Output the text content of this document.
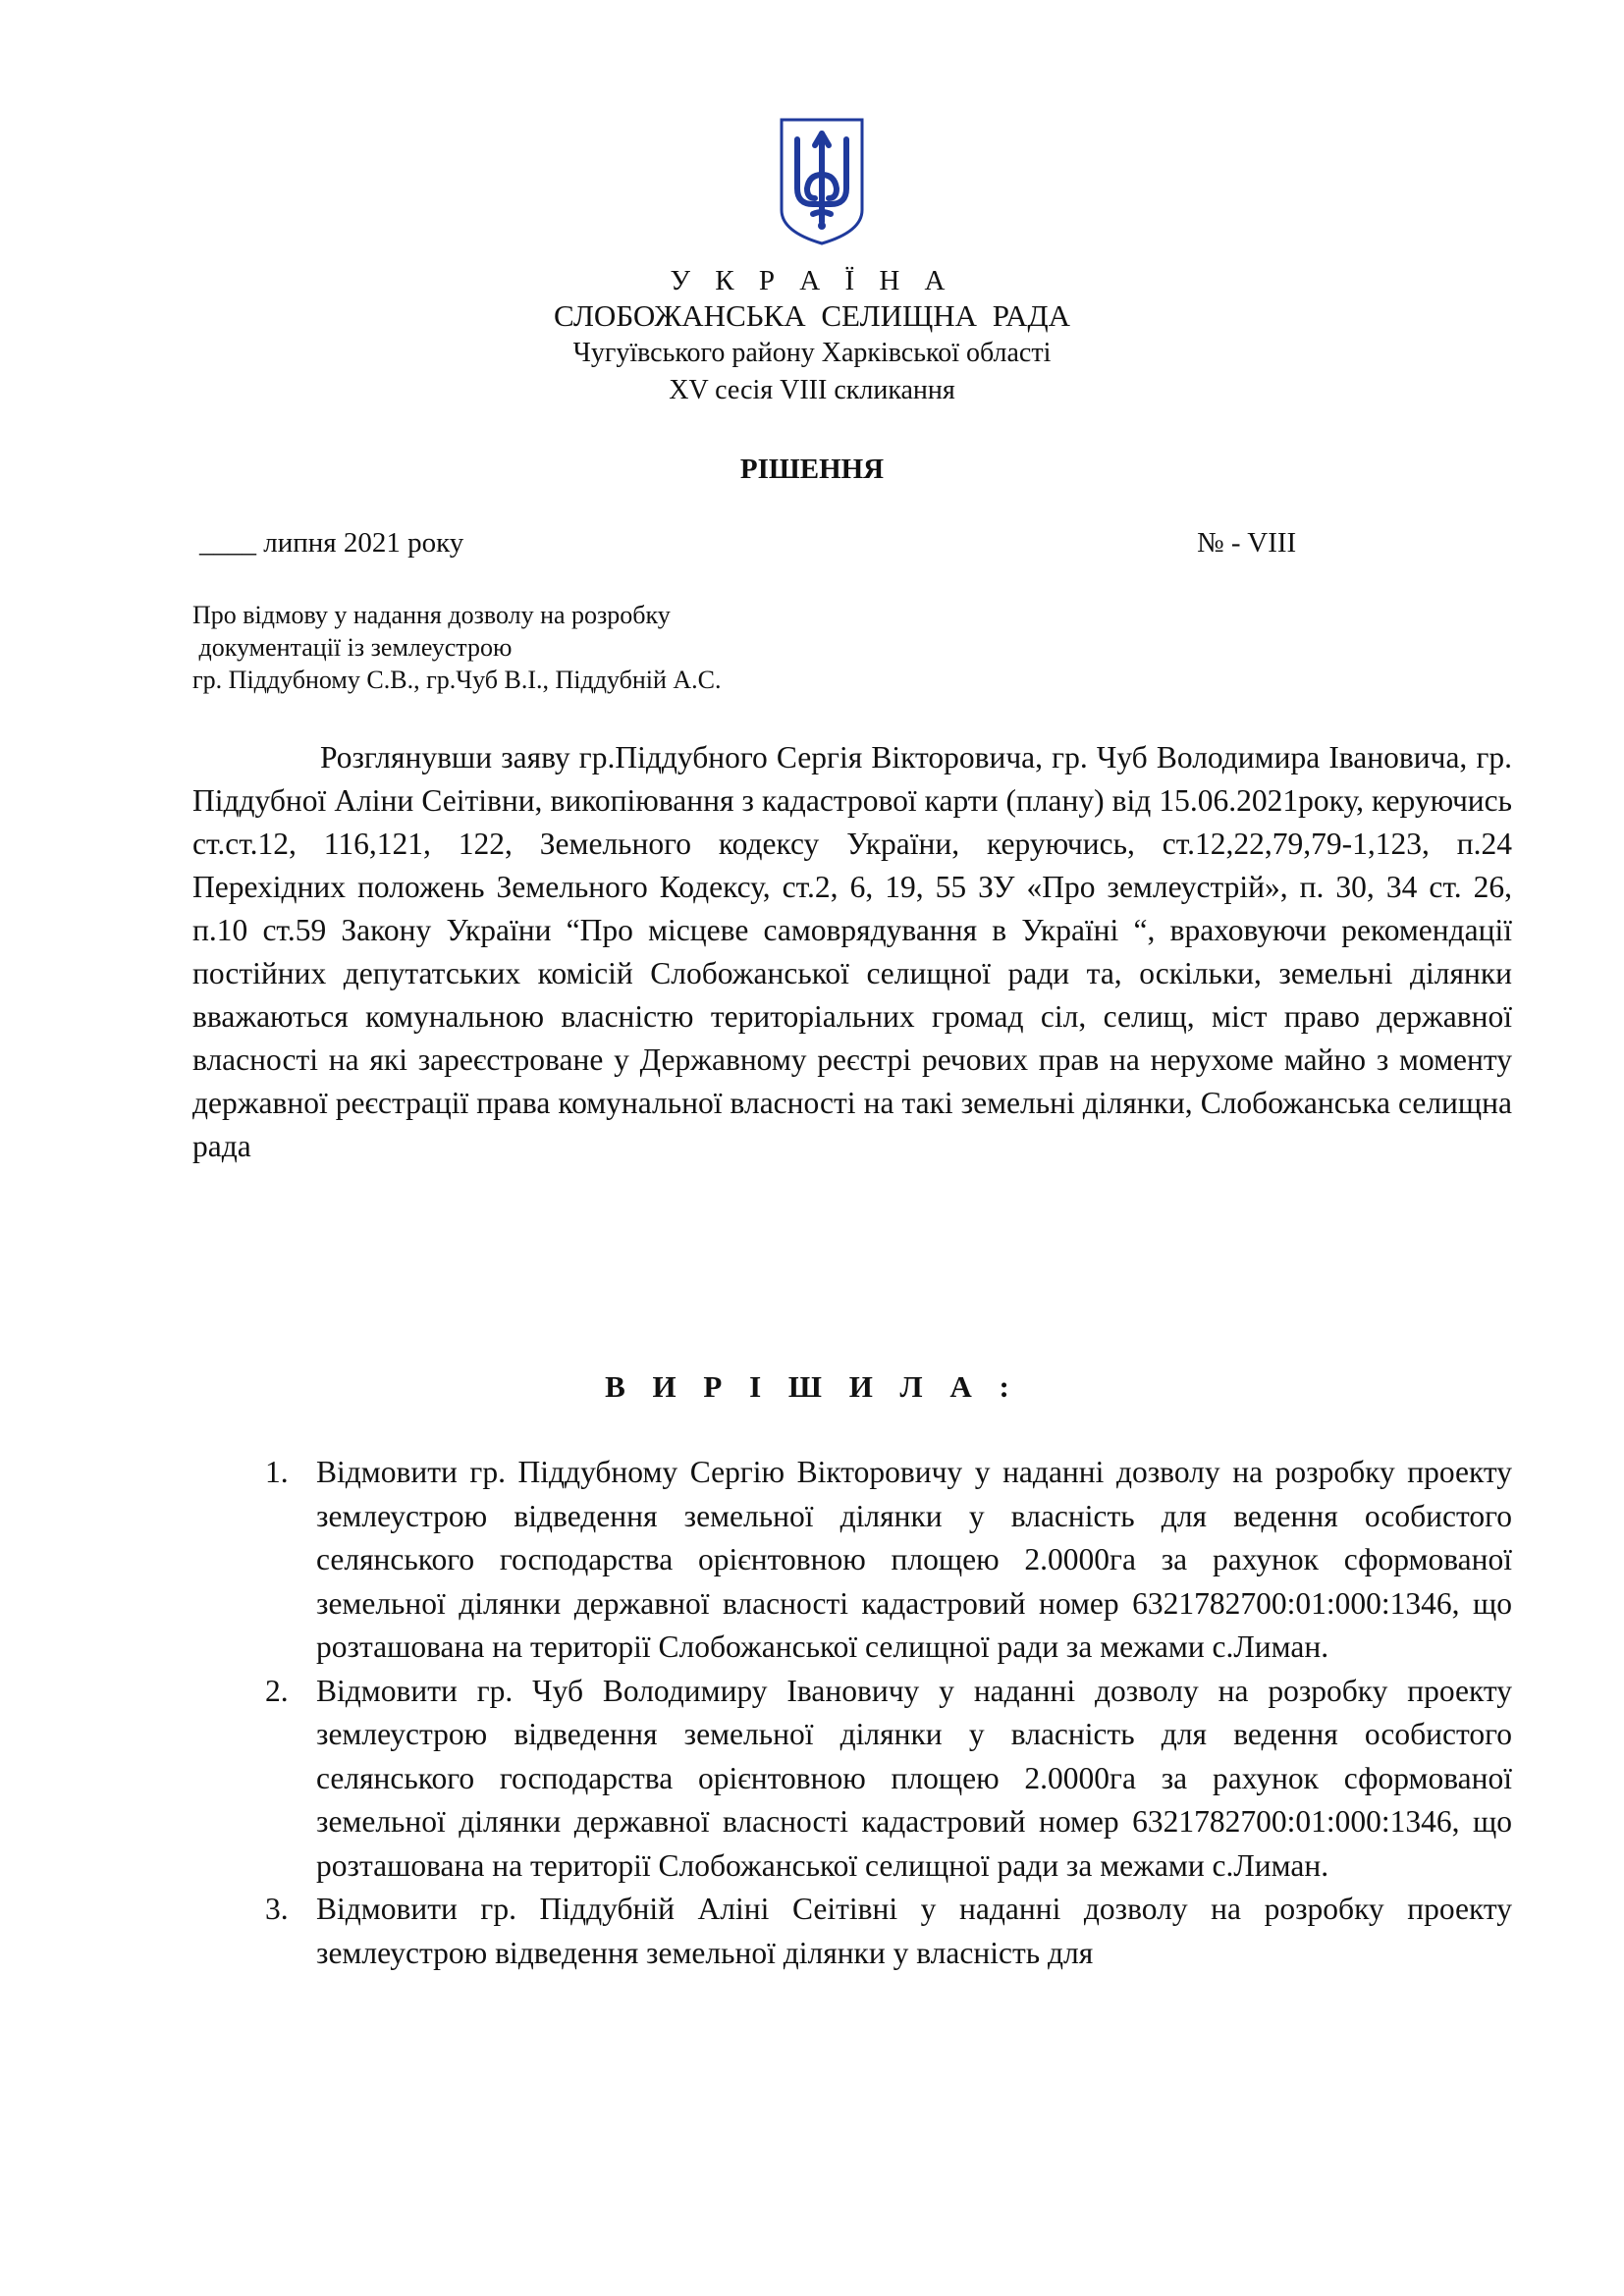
У К Р А Ї Н А
СЛОБОЖАНСЬКА СЕЛИЩНА РАДА
Чугуївського району Харківської області
XV сесія VIII скликання
РІШЕННЯ
____ липня 2021 року	№ - VIII
Про відмову у надання дозволу на розробку
документації із землеустрою
гр. Піддубному С.В., гр.Чуб В.І., Піддубній А.С.
Розглянувши заяву гр.Піддубного Сергія Вікторовича, гр. Чуб Володимира Івановича, гр. Піддубної Аліни Сеітівни, викопіювання з кадастрової карти (плану) від 15.06.2021року, керуючись ст.ст.12, 116,121, 122, Земельного кодексу України, керуючись, ст.12,22,79,79-1,123, п.24 Перехідних положень Земельного Кодексу, ст.2, 6, 19, 55 ЗУ «Про землеустрій», п. 30, 34 ст. 26, п.10 ст.59 Закону України “Про місцеве самоврядування в Україні “, враховуючи рекомендації постійних депутатських комісій Слобожанської селищної ради та, оскільки, земельні ділянки вважаються комунальною власністю територіальних громад сіл, селищ, міст право державної власності на які зареєстроване у Державному реєстрі речових прав на нерухоме майно з моменту державної реєстрації права комунальної власності на такі земельні ділянки, Слобожанська селищна рада
В И Р І Ш И Л А :
1. Відмовити гр. Піддубному Сергію Вікторовичу у наданні дозволу на розробку проекту землеустрою відведення земельної ділянки у власність для ведення особистого селянського господарства орієнтовною площею 2.0000га за рахунок сформованої земельної ділянки державної власності кадастровий номер 6321782700:01:000:1346, що розташована на території Слобожанської селищної ради за межами с.Лиман.
2. Відмовити гр. Чуб Володимиру Івановичу у наданні дозволу на розробку проекту землеустрою відведення земельної ділянки у власність для ведення особистого селянського господарства орієнтовною площею 2.0000га за рахунок сформованої земельної ділянки державної власності кадастровий номер 6321782700:01:000:1346, що розташована на території Слобожанської селищної ради за межами с.Лиман.
3. Відмовити гр. Піддубній Аліні Сеітівні у наданні дозволу на розробку проекту землеустрою відведення земельної ділянки у власність для
